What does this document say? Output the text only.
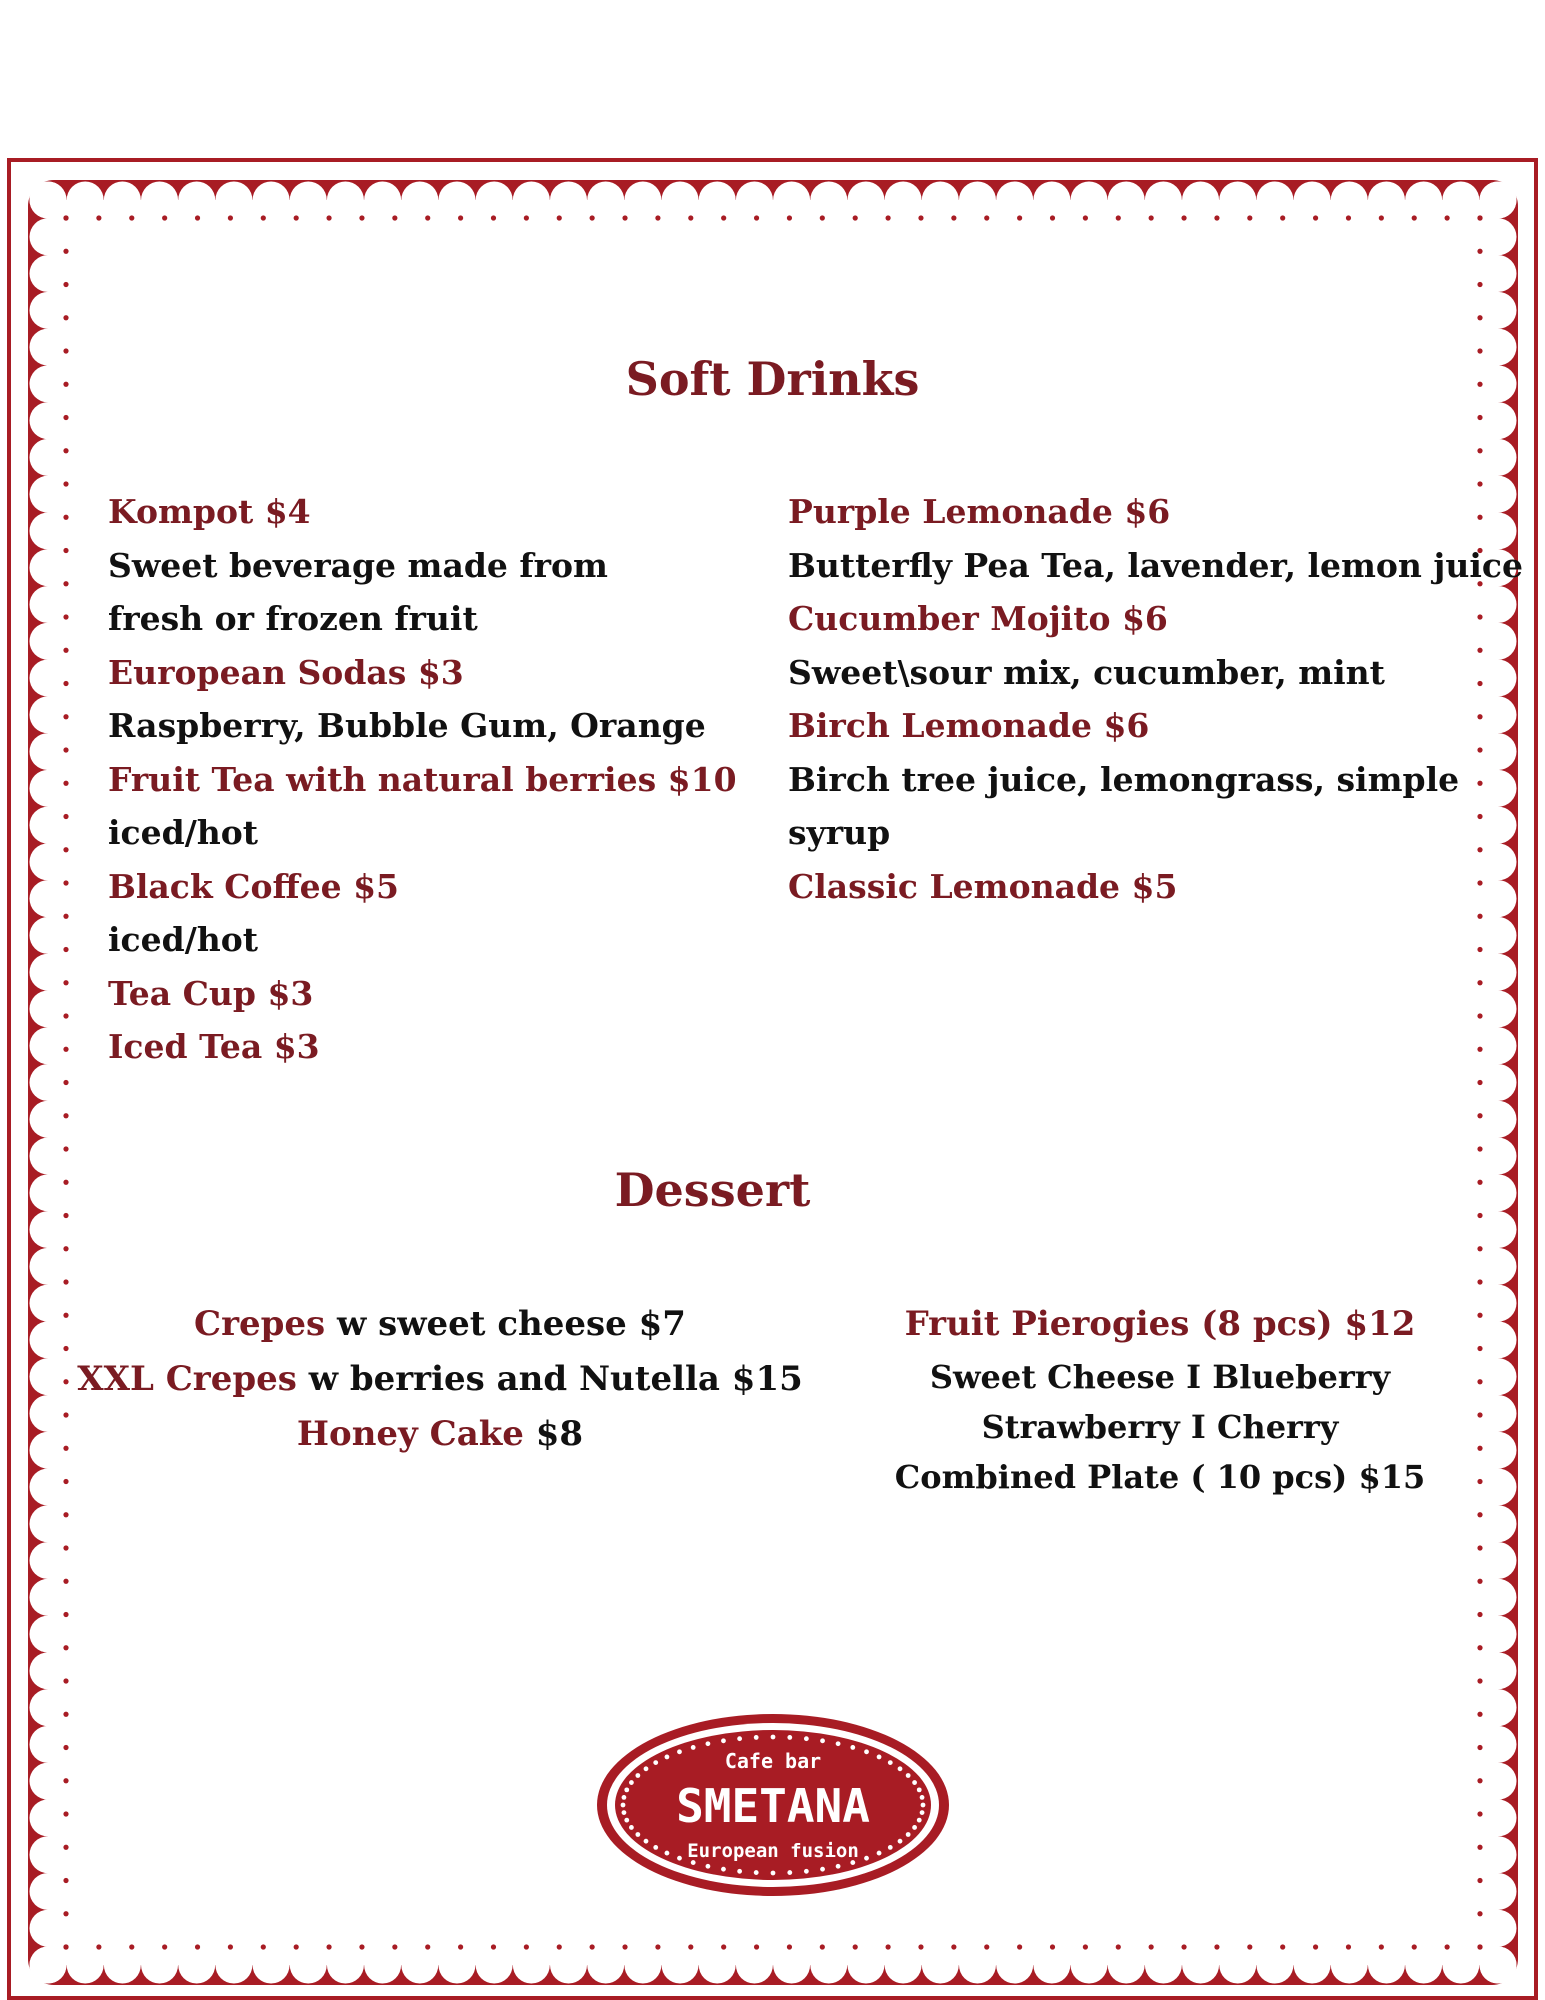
Soft Drinks
Kompot $4
Sweet beverage made from
fresh or frozen fruit
European Sodas $3
Raspberry, Bubble Gum, Orange
Fruit Tea with natural berries $10
iced/hot
Black Coffee $5
iced/hot
Tea Cup $3
Iced Tea $3
Purple Lemonade $6
Butterfly Pea Tea, lavender, lemon juice
Cucumber Mojito $6
Sweet\sour mix, cucumber, mint
Birch Lemonade $6
Birch tree juice, lemongrass, simple
syrup
Classic Lemonade $5
Dessert
Crepes w sweet cheese $7
XXL Crepes w berries and Nutella $15
Honey Cake $8
Fruit Pierogies (8 pcs) $12
Sweet Cheese I Blueberry
Strawberry I Cherry
Combined Plate ( 10 pcs) $15
Cafe bar
SMETANA
European fusion
